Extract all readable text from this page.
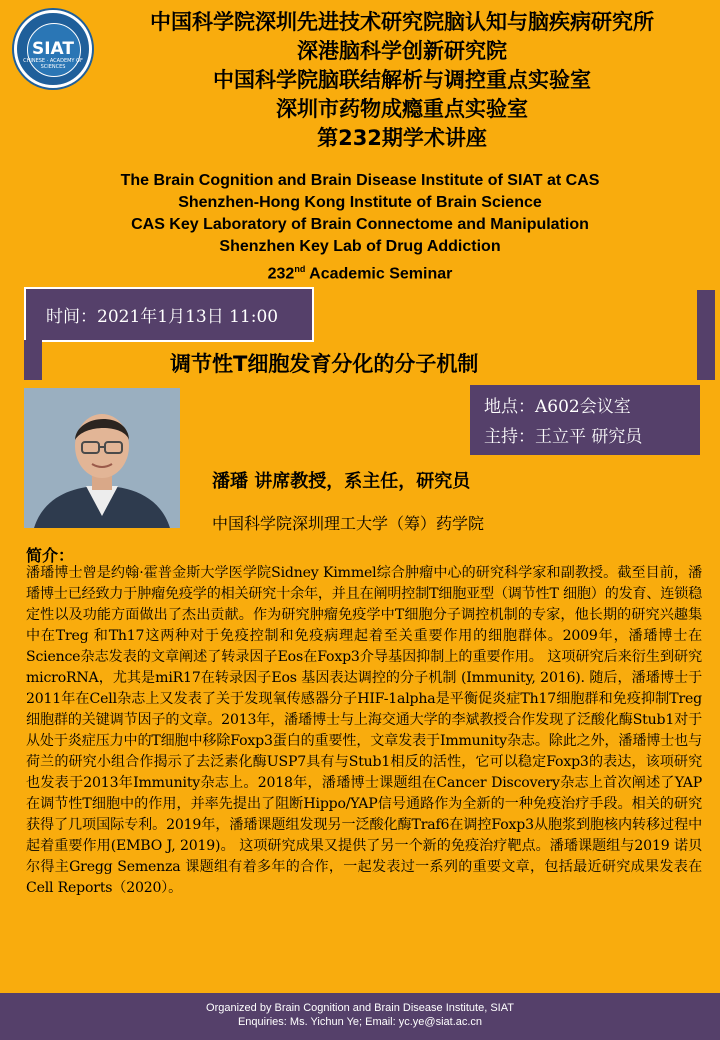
SIAT
CHINESE · ACADEMY OF SCIENCES
中国科学院深圳先进技术研究院脑认知与脑疾病研究所
深港脑科学创新研究院
中国科学院脑联结解析与调控重点实验室
深圳市药物成瘾重点实验室
第232期学术讲座
The Brain Cognition and Brain Disease Institute of SIAT at CAS
Shenzhen-Hong Kong Institute of Brain Science
CAS Key Laboratory of Brain Connectome and Manipulation
Shenzhen Key Lab of Drug Addiction
232nd Academic Seminar
时间：2021年1月13日 11:00
调节性T细胞发育分化的分子机制
地点：A602会议室
主持：王立平 研究员
潘璠 讲席教授，系主任，研究员
中国科学院深圳理工大学（筹）药学院
简介：
潘璠博士曾是约翰·霍普金斯大学医学院Sidney Kimmel综合肿瘤中心的研究科学家和副教授。截至目前，潘璠博士已经致力于肿瘤免疫学的相关研究十余年，并且在阐明控制T细胞亚型（调节性T 细胞）的发育、连锁稳定性以及功能方面做出了杰出贡献。作为研究肿瘤免疫学中T细胞分子调控机制的专家，他长期的研究兴趣集中在Treg 和Th17这两种对于免疫控制和免疫病理起着至关重要作用的细胞群体。2009年，潘璠博士在Science杂志发表的文章阐述了转录因子Eos在Foxp3介导基因抑制上的重要作用。 这项研究后来衍生到研究microRNA，尤其是miR17在转录因子Eos 基因表达调控的分子机制 (Immunity, 2016). 随后，潘璠博士于2011年在Cell杂志上又发表了关于发现氧传感器分子HIF-1alpha是平衡促炎症Th17细胞群和免疫抑制Treg细胞群的关键调节因子的文章。2013年，潘璠博士与上海交通大学的李斌教授合作发现了泛酸化酶Stub1对于从处于炎症压力中的T细胞中移除Foxp3蛋白的重要性，文章发表于Immunity杂志。除此之外，潘璠博士也与荷兰的研究小组合作揭示了去泛素化酶USP7具有与Stub1相反的活性，它可以稳定Foxp3的表达，该项研究也发表于2013年Immunity杂志上。2018年，潘璠博士课题组在Cancer Discovery杂志上首次阐述了YAP在调节性T细胞中的作用，并率先提出了阻断Hippo/YAP信号通路作为全新的一种免疫治疗手段。相关的研究获得了几项国际专利。2019年，潘璠课题组发现另一泛酸化酶Traf6在调控Foxp3从胞浆到胞核内转移过程中起着重要作用(EMBO J, 2019)。 这项研究成果又提供了另一个新的免疫治疗靶点。潘璠课题组与2019 诺贝尔得主Gregg Semenza 课题组有着多年的合作，一起发表过一系列的重要文章，包括最近研究成果发表在Cell Reports（2020）。
Organized by Brain Cognition and Brain Disease Institute, SIAT
Enquiries: Ms. Yichun Ye; Email: yc.ye@siat.ac.cn
